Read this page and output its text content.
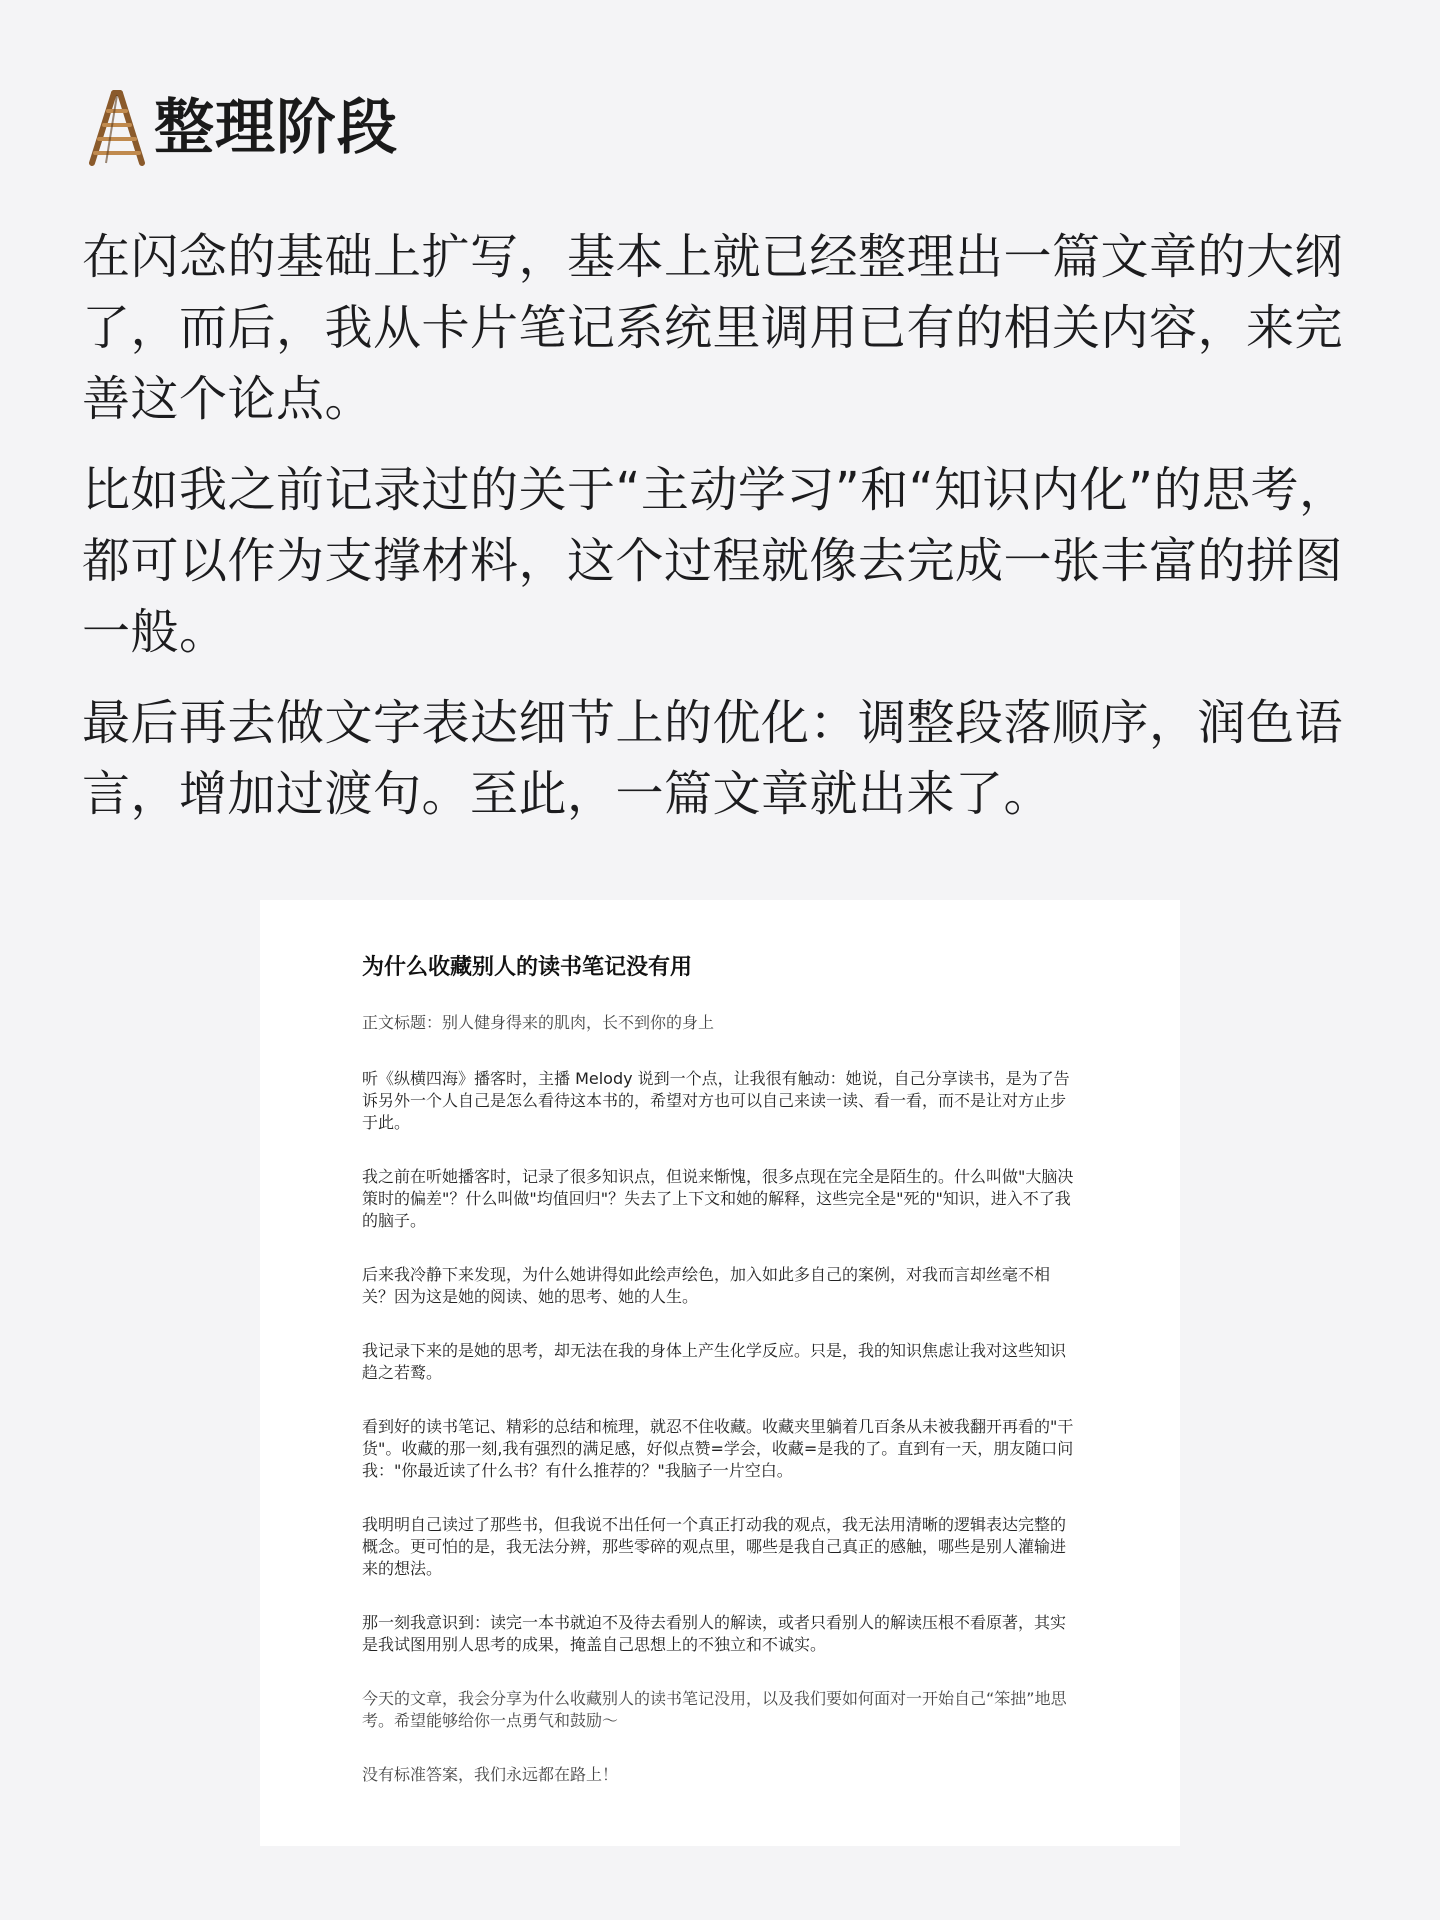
整理阶段

在闪念的基础上扩写，基本上就已经整理出一篇文章的大纲了，而后，我从卡片笔记系统里调用已有的相关内容，来完善这个论点。

比如我之前记录过的关于“主动学习”和“知识内化”的思考，都可以作为支撑材料，这个过程就像去完成一张丰富的拼图一般。

最后再去做文字表达细节上的优化：调整段落顺序，润色语言，增加过渡句。至此，一篇文章就出来了。

为什么收藏别人的读书笔记没有用
正文标题：别人健身得来的肌肉，长不到你的身上

听《纵横四海》播客时，主播 Melody 说到一个点，让我很有触动：她说，自己分享读书，是为了告诉另外一个人自己是怎么看待这本书的，希望对方也可以自己来读一读、看一看，而不是让对方止步于此。

我之前在听她播客时，记录了很多知识点，但说来惭愧，很多点现在完全是陌生的。什么叫做"大脑决策时的偏差"？什么叫做"均值回归"？失去了上下文和她的解释，这些完全是"死的"知识，进入不了我的脑子。

后来我冷静下来发现，为什么她讲得如此绘声绘色，加入如此多自己的案例，对我而言却丝毫不相关？因为这是她的阅读、她的思考、她的人生。

我记录下来的是她的思考，却无法在我的身体上产生化学反应。只是，我的知识焦虑让我对这些知识趋之若鹜。

看到好的读书笔记、精彩的总结和梳理，就忍不住收藏。收藏夹里躺着几百条从未被我翻开再看的"干货"。收藏的那一刻,我有强烈的满足感，好似点赞=学会，收藏=是我的了。直到有一天，朋友随口问我："你最近读了什么书？有什么推荐的？"我脑子一片空白。

我明明自己读过了那些书，但我说不出任何一个真正打动我的观点，我无法用清晰的逻辑表达完整的概念。更可怕的是，我无法分辨，那些零碎的观点里，哪些是我自己真正的感触，哪些是别人灌输进来的想法。

那一刻我意识到：读完一本书就迫不及待去看别人的解读，或者只看别人的解读压根不看原著，其实是我试图用别人思考的成果，掩盖自己思想上的不独立和不诚实。

今天的文章，我会分享为什么收藏别人的读书笔记没用，以及我们要如何面对一开始自己“笨拙”地思考。希望能够给你一点勇气和鼓励～

没有标准答案，我们永远都在路上！
